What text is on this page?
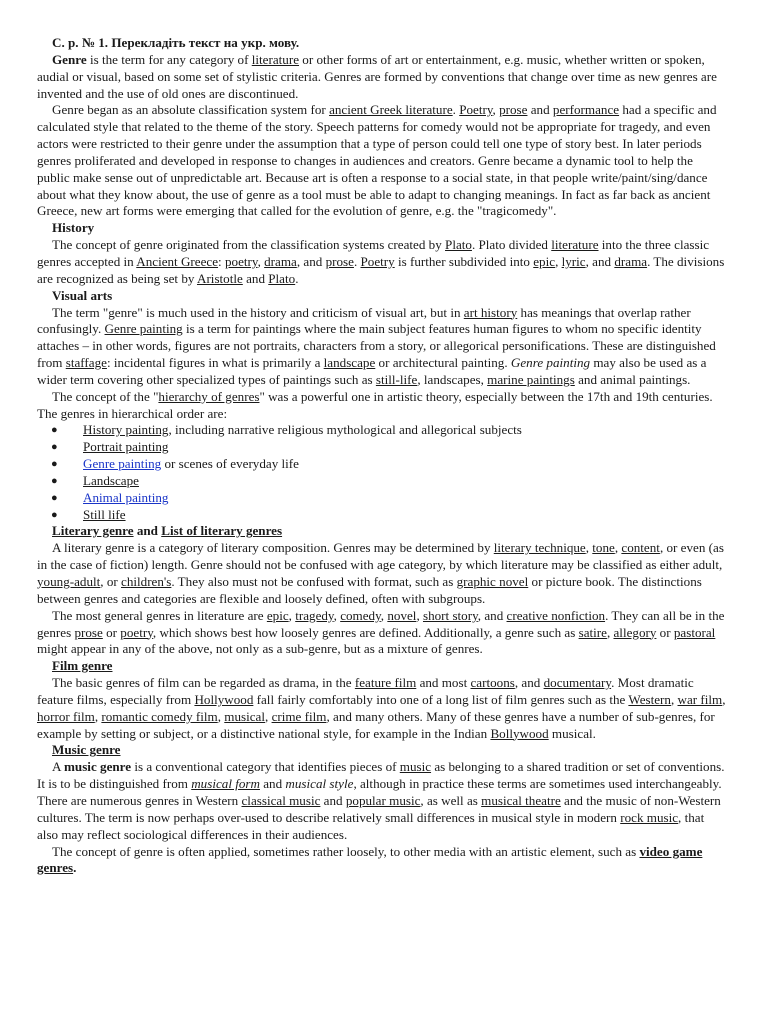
С. р. № 1. Перекладіть текст на укр. мову.

Genre is the term for any category of literature or other forms of art or entertainment, e.g. music, whether written or spoken, audial or visual, based on some set of stylistic criteria. Genres are formed by conventions that change over time as new genres are invented and the use of old ones are discontinued.

Genre began as an absolute classification system for ancient Greek literature. Poetry, prose and performance had a specific and calculated style that related to the theme of the story. Speech patterns for comedy would not be appropriate for tragedy, and even actors were restricted to their genre under the assumption that a type of person could tell one type of story best. In later periods genres proliferated and developed in response to changes in audiences and creators. Genre became a dynamic tool to help the public make sense out of unpredictable art. Because art is often a response to a social state, in that people write/paint/sing/dance about what they know about, the use of genre as a tool must be able to adapt to changing meanings. In fact as far back as ancient Greece, new art forms were emerging that called for the evolution of genre, e.g. the "tragicomedy".

History

The concept of genre originated from the classification systems created by Plato. Plato divided literature into the three classic genres accepted in Ancient Greece: poetry, drama, and prose. Poetry is further subdivided into epic, lyric, and drama. The divisions are recognized as being set by Aristotle and Plato.

Visual arts

The term "genre" is much used in the history and criticism of visual art, but in art history has meanings that overlap rather confusingly. Genre painting is a term for paintings where the main subject features human figures to whom no specific identity attaches – in other words, figures are not portraits, characters from a story, or allegorical personifications. These are distinguished from staffage: incidental figures in what is primarily a landscape or architectural painting. Genre painting may also be used as a wider term covering other specialized types of paintings such as still-life, landscapes, marine paintings and animal paintings.

The concept of the "hierarchy of genres" was a powerful one in artistic theory, especially between the 17th and 19th centuries. The genres in hierarchical order are:

● History painting, including narrative religious mythological and allegorical subjects
● Portrait painting
● Genre painting or scenes of everyday life
● Landscape
● Animal painting
● Still life
Literary genre and List of literary genres

A literary genre is a category of literary composition. Genres may be determined by literary technique, tone, content, or even (as in the case of fiction) length. Genre should not be confused with age category, by which literature may be classified as either adult, young-adult, or children's. They also must not be confused with format, such as graphic novel or picture book. The distinctions between genres and categories are flexible and loosely defined, often with subgroups.

The most general genres in literature are epic, tragedy, comedy, novel, short story, and creative nonfiction. They can all be in the genres prose or poetry, which shows best how loosely genres are defined. Additionally, a genre such as satire, allegory or pastoral might appear in any of the above, not only as a sub-genre, but as a mixture of genres.

Film genre

The basic genres of film can be regarded as drama, in the feature film and most cartoons, and documentary. Most dramatic feature films, especially from Hollywood fall fairly comfortably into one of a long list of film genres such as the Western, war film, horror film, romantic comedy film, musical, crime film, and many others. Many of these genres have a number of sub-genres, for example by setting or subject, or a distinctive national style, for example in the Indian Bollywood musical.

Music genre

A music genre is a conventional category that identifies pieces of music as belonging to a shared tradition or set of conventions. It is to be distinguished from musical form and musical style, although in practice these terms are sometimes used interchangeably. There are numerous genres in Western classical music and popular music, as well as musical theatre and the music of non-Western cultures. The term is now perhaps over-used to describe relatively small differences in musical style in modern rock music, that also may reflect sociological differences in their audiences.

The concept of genre is often applied, sometimes rather loosely, to other media with an artistic element, such as video game genres.
